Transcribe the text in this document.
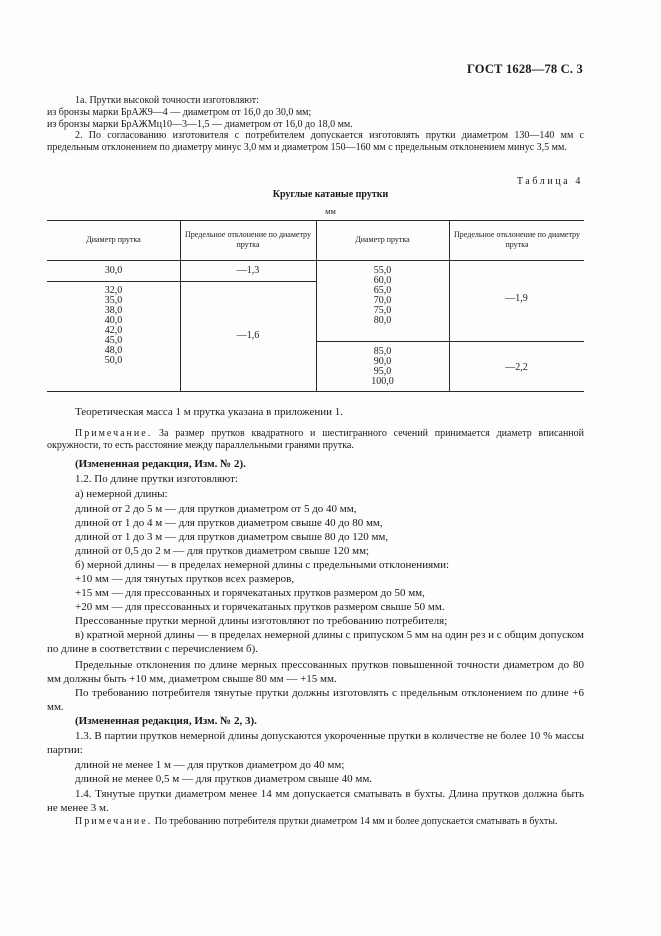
ГОСТ 1628—78 С. 3
1а. Прутки высокой точности изготовляют:
из бронзы марки БрАЖ9—4 — диаметром от 16,0 до 30,0 мм;
из бронзы марки БрАЖМц10—3—1,5 — диаметром от 16,0 до 18,0 мм.
2. По согласованию изготовителя с потребителем допускается изготовлять прутки диаметром 130—140 мм с предельным отклонением по диаметру минус 3,0 мм и диаметром 150—160 мм с предельным отклонением минус 3,5 мм.
Таблица 4
Круглые катаные прутки
мм
Диаметр прутка
Предельное отклонение по диаметру прутка
Диаметр прутка
Предельное отклонение по диаметру прутка
30,0	—1,3
32,0
35,0
38,0
40,0
42,0
45,0
48,0
50,0
—1,6
55,0
60,0
65,0
70,0
75,0
80,0
—1,9
85,0
90,0
95,0
100,0
—2,2
Теоретическая масса 1 м прутка указана в приложении 1.
Примечание. За размер прутков квадратного и шестигранного сечений принимается диаметр вписанной окружности, то есть расстояние между параллельными гранями прутка.
(Измененная редакция, Изм. № 2).
1.2. По длине прутки изготовляют:
а) немерной длины:
длиной от 2 до 5 м — для прутков диаметром от 5 до 40 мм,
длиной от 1 до 4 м — для прутков диаметром свыше 40 до 80 мм,
длиной от 1 до 3 м — для прутков диаметром свыше 80 до 120 мм,
длиной от 0,5 до 2 м — для прутков диаметром свыше 120 мм;
б) мерной длины — в пределах немерной длины с предельными отклонениями:
+10 мм — для тянутых прутков всех размеров,
+15 мм — для прессованных и горячекатаных прутков размером до 50 мм,
+20 мм — для прессованных и горячекатаных прутков размером свыше 50 мм.
Прессованные прутки мерной длины изготовляют по требованию потребителя;
в) кратной мерной длины — в пределах немерной длины с припуском 5 мм на один рез и с общим допуском по длине в соответствии с перечислением б).
Предельные отклонения по длине мерных прессованных прутков повышенной точности диаметром до 80 мм должны быть +10 мм, диаметром свыше 80 мм — +15 мм.
По требованию потребителя тянутые прутки должны изготовлять с предельным отклонением по длине +6 мм.
(Измененная редакция, Изм. № 2, 3).
1.3. В партии прутков немерной длины допускаются укороченные прутки в количестве не более 10 % массы партии:
длиной не менее 1 м — для прутков диаметром до 40 мм;
длиной не менее 0,5 м — для прутков диаметром свыше 40 мм.
1.4. Тянутые прутки диаметром менее 14 мм допускается сматывать в бухты. Длина прутков должна быть не менее 3 м.
Примечание. По требованию потребителя прутки диаметром 14 мм и более допускается сматывать в бухты.
